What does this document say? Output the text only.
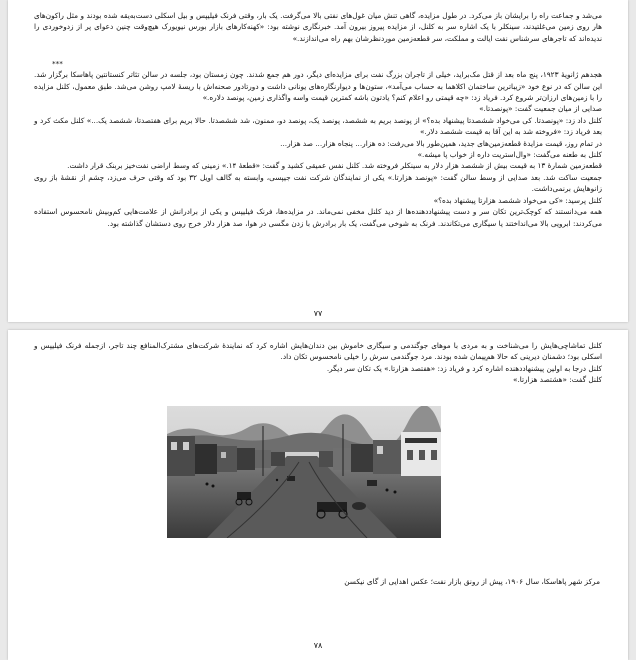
می‌شد و جماعت راه را برایشان باز می‌کرد. در طول مزایده، گاهی تنش میان غول‌های نفتی بالا می‌گرفت. یک بار، وقتی فرنک فیلیپس و بیل اسکلی دست‌به‌یقه شده بودند و مثل راکون‌های هار روی زمین می‌غلتیدند، سینکلر با یک اشاره سر به کلنل، از مزایده پیروز بیرون آمد. خبرنگاری نوشته بود: «کهنه‌کارهای بازار بورس نیویورک هیچ‌وقت چنین دعوای پر از زدوخوردی را ندیده‌اند که تاجرهای سرشناس نفت ایالت و مملکت، سر قطعه‌زمین موردنظرشان بهم راه می‌اندازند.»

***

هجدهم ژانویهٔ ۱۹۲۳، پنج ماه بعد از قتل مک‌براید، خیلی از تاجران بزرگ نفت برای مزایده‌ای دیگر، دور هم جمع شدند. چون زمستان بود، جلسه در سالن تئاتر کنستانتین پاهاسکا برگزار شد. این سالن که در نوع خود «زیباترین ساختمان اکلاهما به حساب می‌آمد»، ستون‌ها و دیوارنگاره‌های یونانی داشت و دورتادور صحنه‌اش با ریسهٔ لامپ روشن می‌شد. طبق معمول، کلنل مزایده را با زمین‌های ارزان‌تر شروع کرد. فریاد زد: «چه قیمتی رو اعلام کنم؟ یادتون باشه کمترین قیمت واسه واگذاری زمین، پونصد دلاره.»

صدایی از میان جمعیت گفت: «پونصدتا.»

کلنل داد زد: «پونصدتا. کی می‌خواد ششصدتا پیشنهاد بده؟» از پونصد بریم به ششصد، پونصد یک، پونصد دو، ممنون، شد ششصدتا. حالا بریم برای هفتصدتا، ششصد یک...» کلنل مکث کرد و بعد فریاد زد: «فروخته شد به این آقا به قیمت ششصد دلار.»

در تمام روز، قیمت مزایدهٔ قطعه‌زمین‌های جدید، همین‌طور بالا می‌رفت: ده هزار... پنجاه هزار... صد هزار...

کلنل به طعنه می‌گفت: «وال‌استریت داره از خواب پا میشه.»

قطعه‌زمین شمارهٔ ۱۳ به قیمت بیش از ششصد هزار دلار به سینکلر فروخته شد. کلنل نفس عمیقی کشید و گفت: «قطعهٔ ۱۴.» زمینی که وسط اراضی نفت‌خیز بربنک قرار داشت.

جمعیت ساکت شد. بعد صدایی از وسط سالن گفت: «پونصد هزارتا.» یکی از نمایندگان شرکت نفت جیپسی، وابسته به گالف اویل ۳۲ بود که وقتی حرف می‌زد، چشم از نقشهٔ باز روی زانوهایش برنمی‌داشت.

کلنل پرسید: «کی می‌خواد ششصد هزارتا پیشنهاد بده؟»

همه می‌دانستند که کوچک‌ترین تکان سر و دست پیشنهاددهنده‌ها از دید کلنل مخفی نمی‌ماند. در مزایده‌ها، فرنک فیلیپس و یکی از برادرانش از علامت‌هایی کم‌وبیش نامحسوس استفاده می‌کردند: ابرویی بالا می‌انداختند یا سیگاری می‌تکاندند. فرنک به شوخی می‌گفت، یک بار برادرش با زدن مگسی در هوا، صد هزار دلار خرج روی دستشان گذاشته بود.

۷۷

کلنل تماشاچی‌هایش را می‌شناخت و به مردی با موهای جوگندمی و سیگاری خاموش بین دندان‌هایش اشاره کرد که نمایندهٔ شرکت‌های مشترک‌المنافع چند تاجر، ازجمله فرنک فیلیپس و اسکلی بود؛ دشمنان دیرینی که حالا هم‌پیمان شده بودند. مرد جوگندمی سرش را خیلی نامحسوس تکان داد.

کلنل درجا به اولین پیشنهاددهنده اشاره کرد و فریاد زد: «هفتصد هزارتا.» یک تکان سر دیگر.

کلنل گفت: «هشتصد هزارتا.»

مرکز شهر پاهاسکا، سال ۱۹۰۶، پیش از رونق بازار نفت؛ عکس اهدایی از گای نیکسن

۷۸
